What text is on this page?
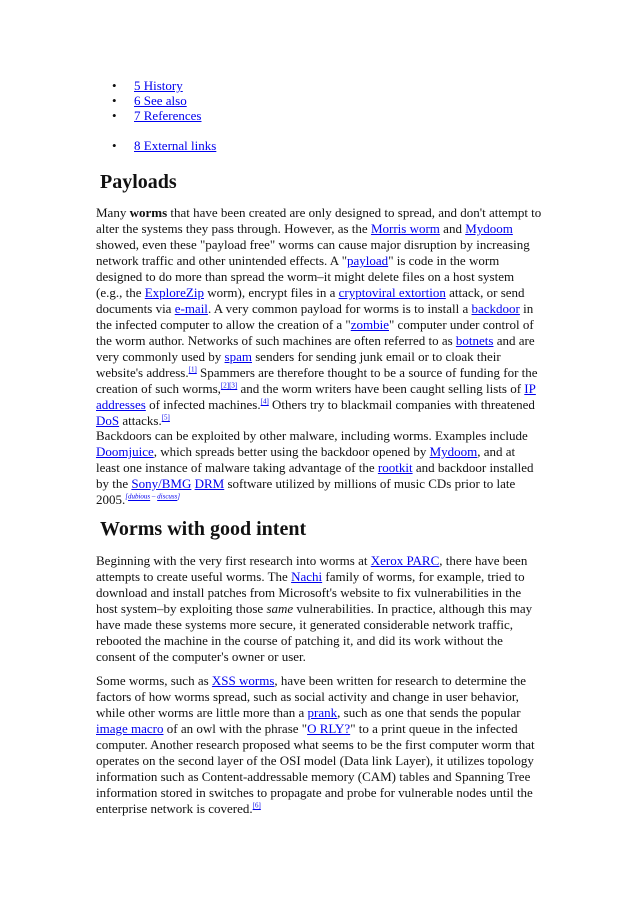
• 5 History
• 6 See also
• 7 References
• 8 External links
Payloads

Many worms that have been created are only designed to spread, and don't attempt to alter the systems they pass through. However, as the Morris worm and Mydoom showed, even these "payload free" worms can cause major disruption by increasing network traffic and other unintended effects. A "payload" is code in the worm designed to do more than spread the worm–it might delete files on a host system (e.g., the ExploreZip worm), encrypt files in a cryptoviral extortion attack, or send documents via e-mail. A very common payload for worms is to install a backdoor in the infected computer to allow the creation of a "zombie" computer under control of the worm author. Networks of such machines are often referred to as botnets and are very commonly used by spam senders for sending junk email or to cloak their website's address.[1] Spammers are therefore thought to be a source of funding for the creation of such worms,[2][3] and the worm writers have been caught selling lists of IP addresses of infected machines.[4] Others try to blackmail companies with threatened DoS attacks.[5]

Backdoors can be exploited by other malware, including worms. Examples include Doomjuice, which spreads better using the backdoor opened by Mydoom, and at least one instance of malware taking advantage of the rootkit and backdoor installed by the Sony/BMG DRM software utilized by millions of music CDs prior to late 2005.[dubious – discuss]

Worms with good intent

Beginning with the very first research into worms at Xerox PARC, there have been attempts to create useful worms. The Nachi family of worms, for example, tried to download and install patches from Microsoft's website to fix vulnerabilities in the host system–by exploiting those same vulnerabilities. In practice, although this may have made these systems more secure, it generated considerable network traffic, rebooted the machine in the course of patching it, and did its work without the consent of the computer's owner or user.

Some worms, such as XSS worms, have been written for research to determine the factors of how worms spread, such as social activity and change in user behavior, while other worms are little more than a prank, such as one that sends the popular image macro of an owl with the phrase "O RLY?" to a print queue in the infected computer. Another research proposed what seems to be the first computer worm that operates on the second layer of the OSI model (Data link Layer), it utilizes topology information such as Content-addressable memory (CAM) tables and Spanning Tree information stored in switches to propagate and probe for vulnerable nodes until the enterprise network is covered.[6]
